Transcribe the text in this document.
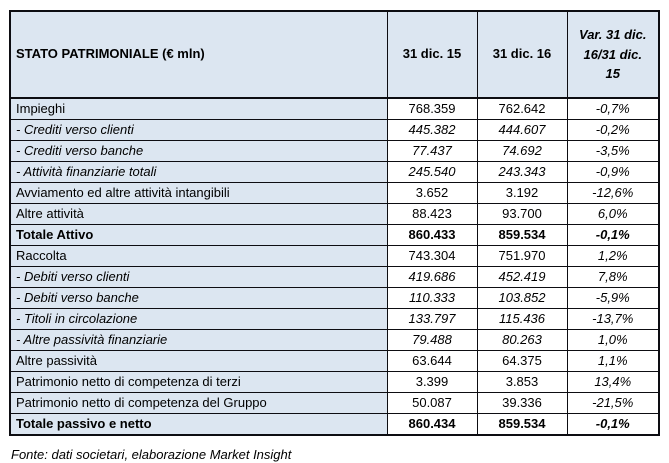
STATO PATRIMONIALE (€ mln)	31 dic. 15	31 dic. 16	Var. 31 dic. 16/31 dic. 15
Impieghi	768.359	762.642	-0,7%
- Crediti verso clienti	445.382	444.607	-0,2%
- Crediti verso banche	77.437	74.692	-3,5%
- Attività finanziarie totali	245.540	243.343	-0,9%
Avviamento ed altre attività intangibili	3.652	3.192	-12,6%
Altre attività	88.423	93.700	6,0%
Totale Attivo	860.433	859.534	-0,1%
Raccolta	743.304	751.970	1,2%
- Debiti verso clienti	419.686	452.419	7,8%
- Debiti verso banche	110.333	103.852	-5,9%
- Titoli in circolazione	133.797	115.436	-13,7%
- Altre passività finanziarie	79.488	80.263	1,0%
Altre passività	63.644	64.375	1,1%
Patrimonio netto di competenza di terzi	3.399	3.853	13,4%
Patrimonio netto di competenza del Gruppo	50.087	39.336	-21,5%
Totale passivo e netto	860.434	859.534	-0,1%
Fonte: dati societari, elaborazione Market Insight
